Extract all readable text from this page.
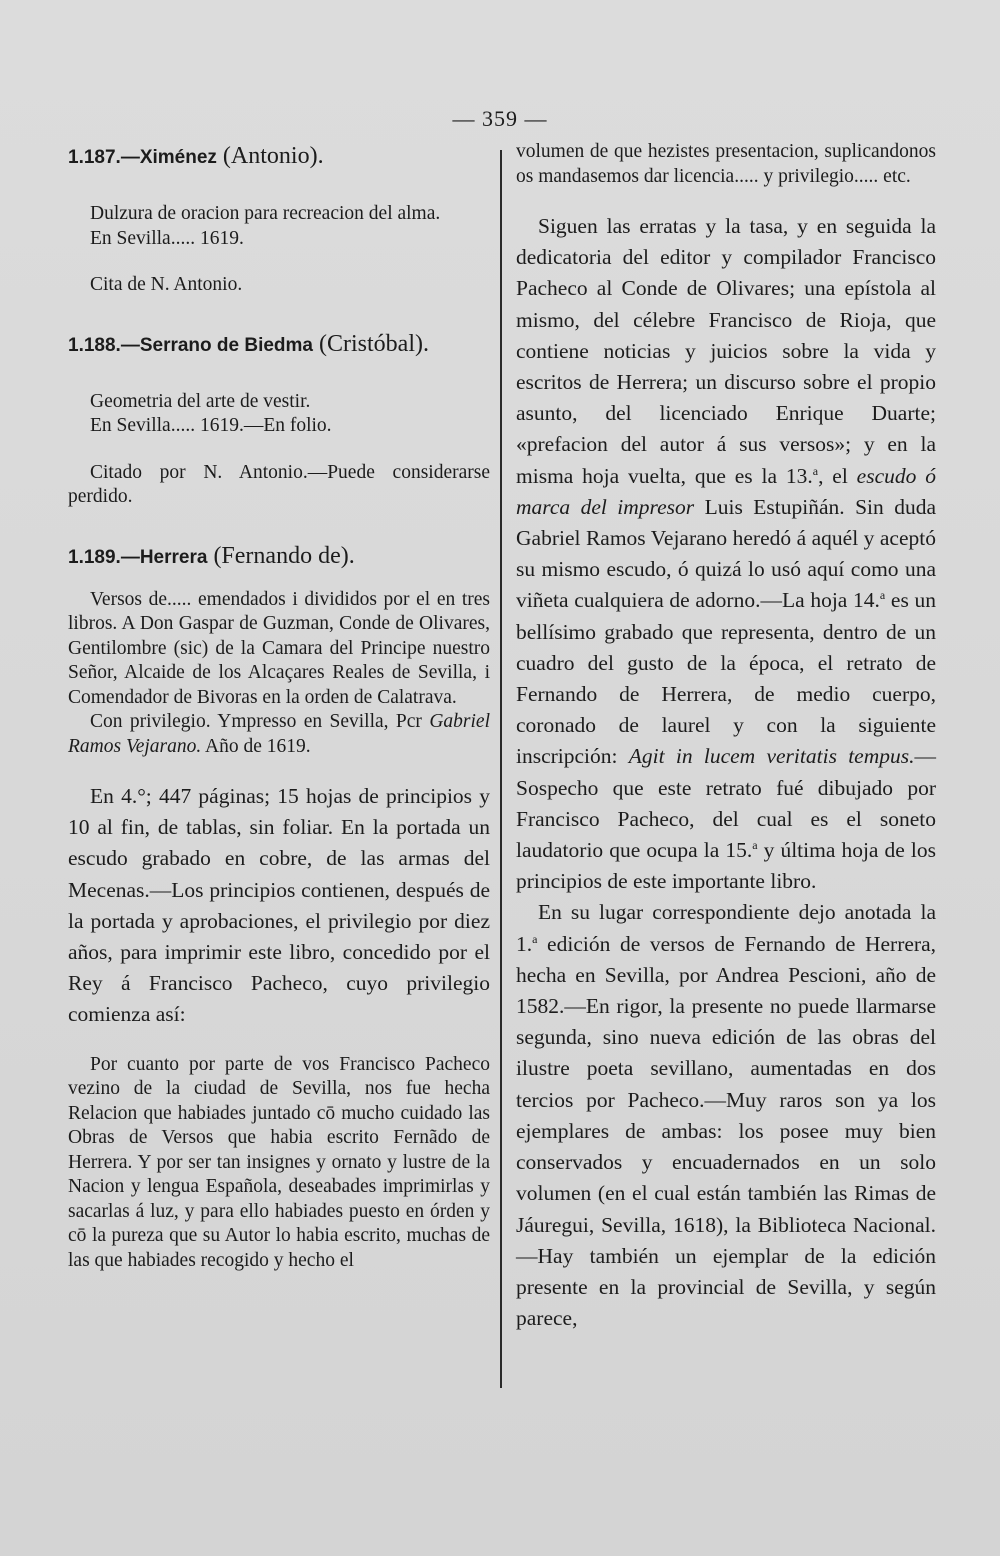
— 359 —

1.187.—Ximénez (Antonio).

Dulzura de oracion para recreacion del alma.

En Sevilla..... 1619.

Cita de N. Antonio.

1.188.—Serrano de Biedma (Cristóbal).

Geometria del arte de vestir.

En Sevilla..... 1619.—En folio.

Citado por N. Antonio.—Puede considerarse perdido.

1.189.—Herrera (Fernando de).

Versos de..... emendados i divididos por el en tres libros. A Don Gaspar de Guzman, Conde de Olivares, Gentilombre (sic) de la Camara del Principe nuestro Señor, Alcaide de los Alcaçares Reales de Sevilla, i Comendador de Bivoras en la orden de Calatrava.

Con privilegio. Ympresso en Sevilla, Pcr Gabriel Ramos Vejarano. Año de 1619.

En 4.°; 447 páginas; 15 hojas de principios y 10 al fin, de tablas, sin foliar. En la portada un escudo grabado en cobre, de las armas del Mecenas.—Los principios contienen, después de la portada y aprobaciones, el privilegio por diez años, para imprimir este libro, concedido por el Rey á Francisco Pacheco, cuyo privilegio comienza así:

Por cuanto por parte de vos Francisco Pacheco vezino de la ciudad de Sevilla, nos fue hecha Relacion que habiades juntado cō mucho cuidado las Obras de Versos que habia escrito Fernãdo de Herrera. Y por ser tan insignes y ornato y lustre de la Nacion y lengua Española, deseabades imprimirlas y sacarlas á luz, y para ello habiades puesto en órden y cō la pureza que su Autor lo habia escrito, muchas de las que habiades recogido y hecho el

volumen de que hezistes presentacion, suplicandonos os mandasemos dar licencia..... y privilegio..... etc.

Siguen las erratas y la tasa, y en seguida la dedicatoria del editor y compilador Francisco Pacheco al Conde de Olivares; una epístola al mismo, del célebre Francisco de Rioja, que contiene noticias y juicios sobre la vida y escritos de Herrera; un discurso sobre el propio asunto, del licenciado Enrique Duarte; «prefacion del autor á sus versos»; y en la misma hoja vuelta, que es la 13.$^a$, el escudo ó marca del impresor Luis Estupiñán. Sin duda Gabriel Ramos Vejarano heredó á aquél y aceptó su mismo escudo, ó quizá lo usó aquí como una viñeta cualquiera de adorno.—La hoja 14.$^a$ es un bellísimo grabado que representa, dentro de un cuadro del gusto de la época, el retrato de Fernando de Herrera, de medio cuerpo, coronado de laurel y con la siguiente inscripción: Agit in lucem veritatis tempus.—Sospecho que este retrato fué dibujado por Francisco Pacheco, del cual es el soneto laudatorio que ocupa la 15.$^a$ y última hoja de los principios de este importante libro.

En su lugar correspondiente dejo anotada la 1.$^a$ edición de versos de Fernando de Herrera, hecha en Sevilla, por Andrea Pescioni, año de 1582.—En rigor, la presente no puede llarmarse segunda, sino nueva edición de las obras del ilustre poeta sevillano, aumentadas en dos tercios por Pacheco.—Muy raros son ya los ejemplares de ambas: los posee muy bien conservados y encuadernados en un solo volumen (en el cual están también las Rimas de Jáuregui, Sevilla, 1618), la Biblioteca Nacional.—Hay también un ejemplar de la edición presente en la provincial de Sevilla, y según parece,
